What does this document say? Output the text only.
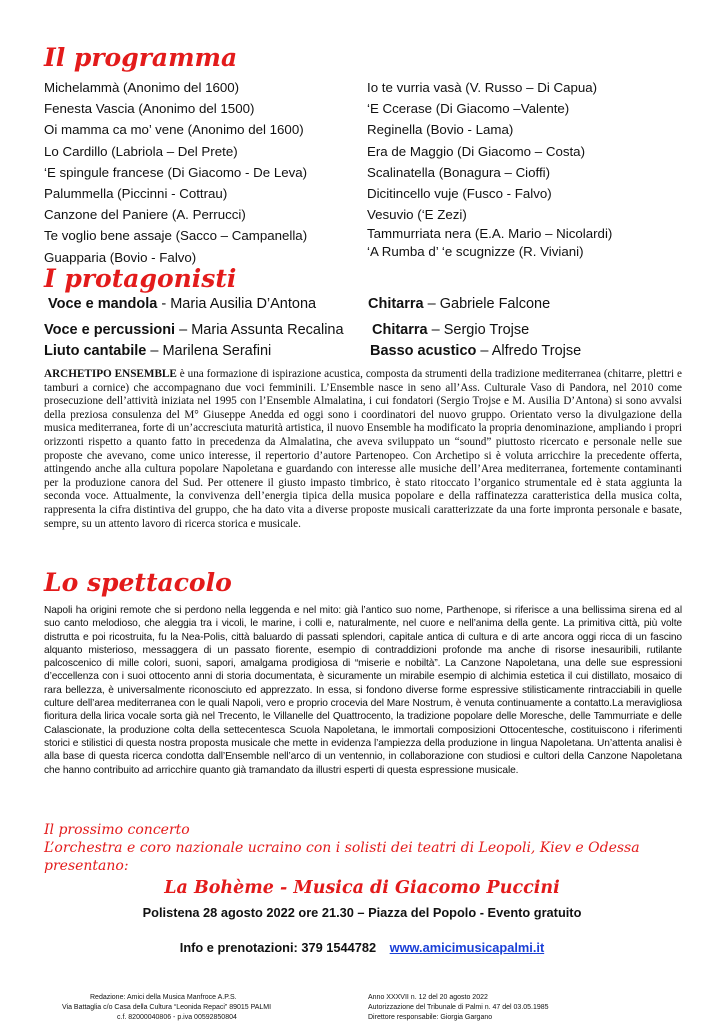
Il programma
Michelammà (Anonimo del 1600)
Fenesta Vascia (Anonimo del 1500)
Oi mamma ca mo’ vene (Anonimo del 1600)
Lo Cardillo (Labriola – Del Prete)
‘E spingule francese (Di Giacomo - De Leva)
Palummella (Piccinni - Cottrau)
Canzone del Paniere (A. Perrucci)
Te voglio bene assaje (Sacco – Campanella)
Guapparia (Bovio - Falvo)
Io te vurria vasà (V. Russo – Di Capua)
‘E Ccerase (Di Giacomo –Valente)
Reginella (Bovio - Lama)
Era de Maggio (Di Giacomo – Costa)
Scalinatella (Bonagura – Cioffi)
Dicitincello vuje (Fusco - Falvo)
Vesuvio (‘E Zezi)
Tammurriata nera (E.A. Mario – Nicolardi)
‘A Rumba d’ ‘e scugnizze (R. Viviani)
I protagonisti
Voce e mandola - Maria Ausilia D’Antona
Voce e percussioni – Maria Assunta Recalina
Liuto cantabile – Marilena Serafini
Chitarra – Gabriele Falcone
Chitarra – Sergio Trojse
Basso acustico – Alfredo Trojse

ARCHETIPO ENSEMBLE è una formazione di ispirazione acustica, composta da strumenti della tradizione mediterranea (chitarre, plettri e tamburi a cornice) che accompagnano due voci femminili. L’Ensemble nasce in seno all’Ass. Culturale Vaso di Pandora, nel 2010 come prosecuzione dell’attività iniziata nel 1995 con l’Ensemble Almalatina, i cui fondatori (Sergio Trojse e M. Ausilia D’Antona) si sono avvalsi della preziosa consulenza del M° Giuseppe Anedda ed oggi sono i coordinatori del nuovo gruppo. Orientato verso la divulgazione della musica mediterranea, forte di un’accresciuta maturità artistica, il nuovo Ensemble ha modificato la propria denominazione, ampliando i propri orizzonti rispetto a quanto fatto in precedenza da Almalatina, che aveva sviluppato un “sound” piuttosto ricercato e personale nelle sue proposte che avevano, come unico interesse, il repertorio d’autore Partenopeo. Con Archetipo si è voluta arricchire la precedente offerta, attingendo anche alla cultura popolare Napoletana e guardando con interesse alle musiche dell’Area mediterranea, fortemente contaminanti per la produzione canora del Sud. Per ottenere il giusto impasto timbrico, è stato ritoccato l’organico strumentale ed è stata aggiunta la seconda voce. Attualmente, la convivenza dell’energia tipica della musica popolare e della raffinatezza caratteristica della musica colta, rappresenta la cifra distintiva del gruppo, che ha dato vita a diverse proposte musicali caratterizzate da una forte impronta personale e basate, sempre, su un attento lavoro di ricerca storica e musicale.

Lo spettacolo

Napoli ha origini remote che si perdono nella leggenda e nel mito: già l’antico suo nome, Parthenope, si riferisce a una bellissima sirena ed al suo canto melodioso, che aleggia tra i vicoli, le marine, i colli e, naturalmente, nel cuore e nell’anima della gente. La primitiva città, più volte distrutta e poi ricostruita, fu la Nea-Polis, città baluardo di passati splendori, capitale antica di cultura e di arte ancora oggi ricca di un fascino alquanto misterioso, messaggera di un passato fiorente, esempio di contraddizioni profonde ma anche di risorse inesauribili, rutilante palcoscenico di mille colori, suoni, sapori, amalgama prodigiosa di “miserie e nobiltà”. La Canzone Napoletana, una delle sue espressioni d’eccellenza con i suoi ottocento anni di storia documentata, è sicuramente un mirabile esempio di alchimia estetica il cui distillato, mosaico di rara bellezza, è universalmente riconosciuto ed apprezzato. In essa, si fondono diverse forme espressive stilisticamente rintracciabili in quelle culture dell’area mediterranea con le quali Napoli, vero e proprio crocevia del Mare Nostrum, è venuta continuamente a contatto.La meravigliosa fioritura della lirica vocale sorta già nel Trecento, le Villanelle del Quattrocento, la tradizione popolare delle Moresche, delle Tammurriate e delle Calascionate, la produzione colta della settecentesca Scuola Napoletana, le immortali composizioni Ottocentesche, costituiscono i riferimenti storici e stilistici di questa nostra proposta musicale che mette in evidenza l’ampiezza della produzione in lingua Napoletana. Un’attenta analisi è alla base di questa ricerca condotta dall’Ensemble nell’arco di un ventennio, in collaborazione con studiosi e cultori della Canzone Napoletana che hanno contribuito ad arricchire quanto già tramandato da illustri esperti di questa espressione musicale.

Il prossimo concerto
L’orchestra e coro nazionale ucraino con i solisti dei teatri di Leopoli, Kiev e Odessa presentano:
La Bohème - Musica di Giacomo Puccini
Polistena 28 agosto 2022 ore 21.30 – Piazza del Popolo - Evento gratuito
Info e prenotazioni: 379 1544782 www.amicimusicapalmi.it
Redazione: Amici della Musica Manfroce A.P.S.
Via Battaglia c/o Casa della Cultura “Leonida Repaci” 89015 PALMI
c.f. 82000040806 - p.iva 00592850804
Anno XXXVII n. 12 del 20 agosto 2022
Autorizzazione del Tribunale di Palmi n. 47 del 03.05.1985
Direttore responsabile: Giorgia Gargano
